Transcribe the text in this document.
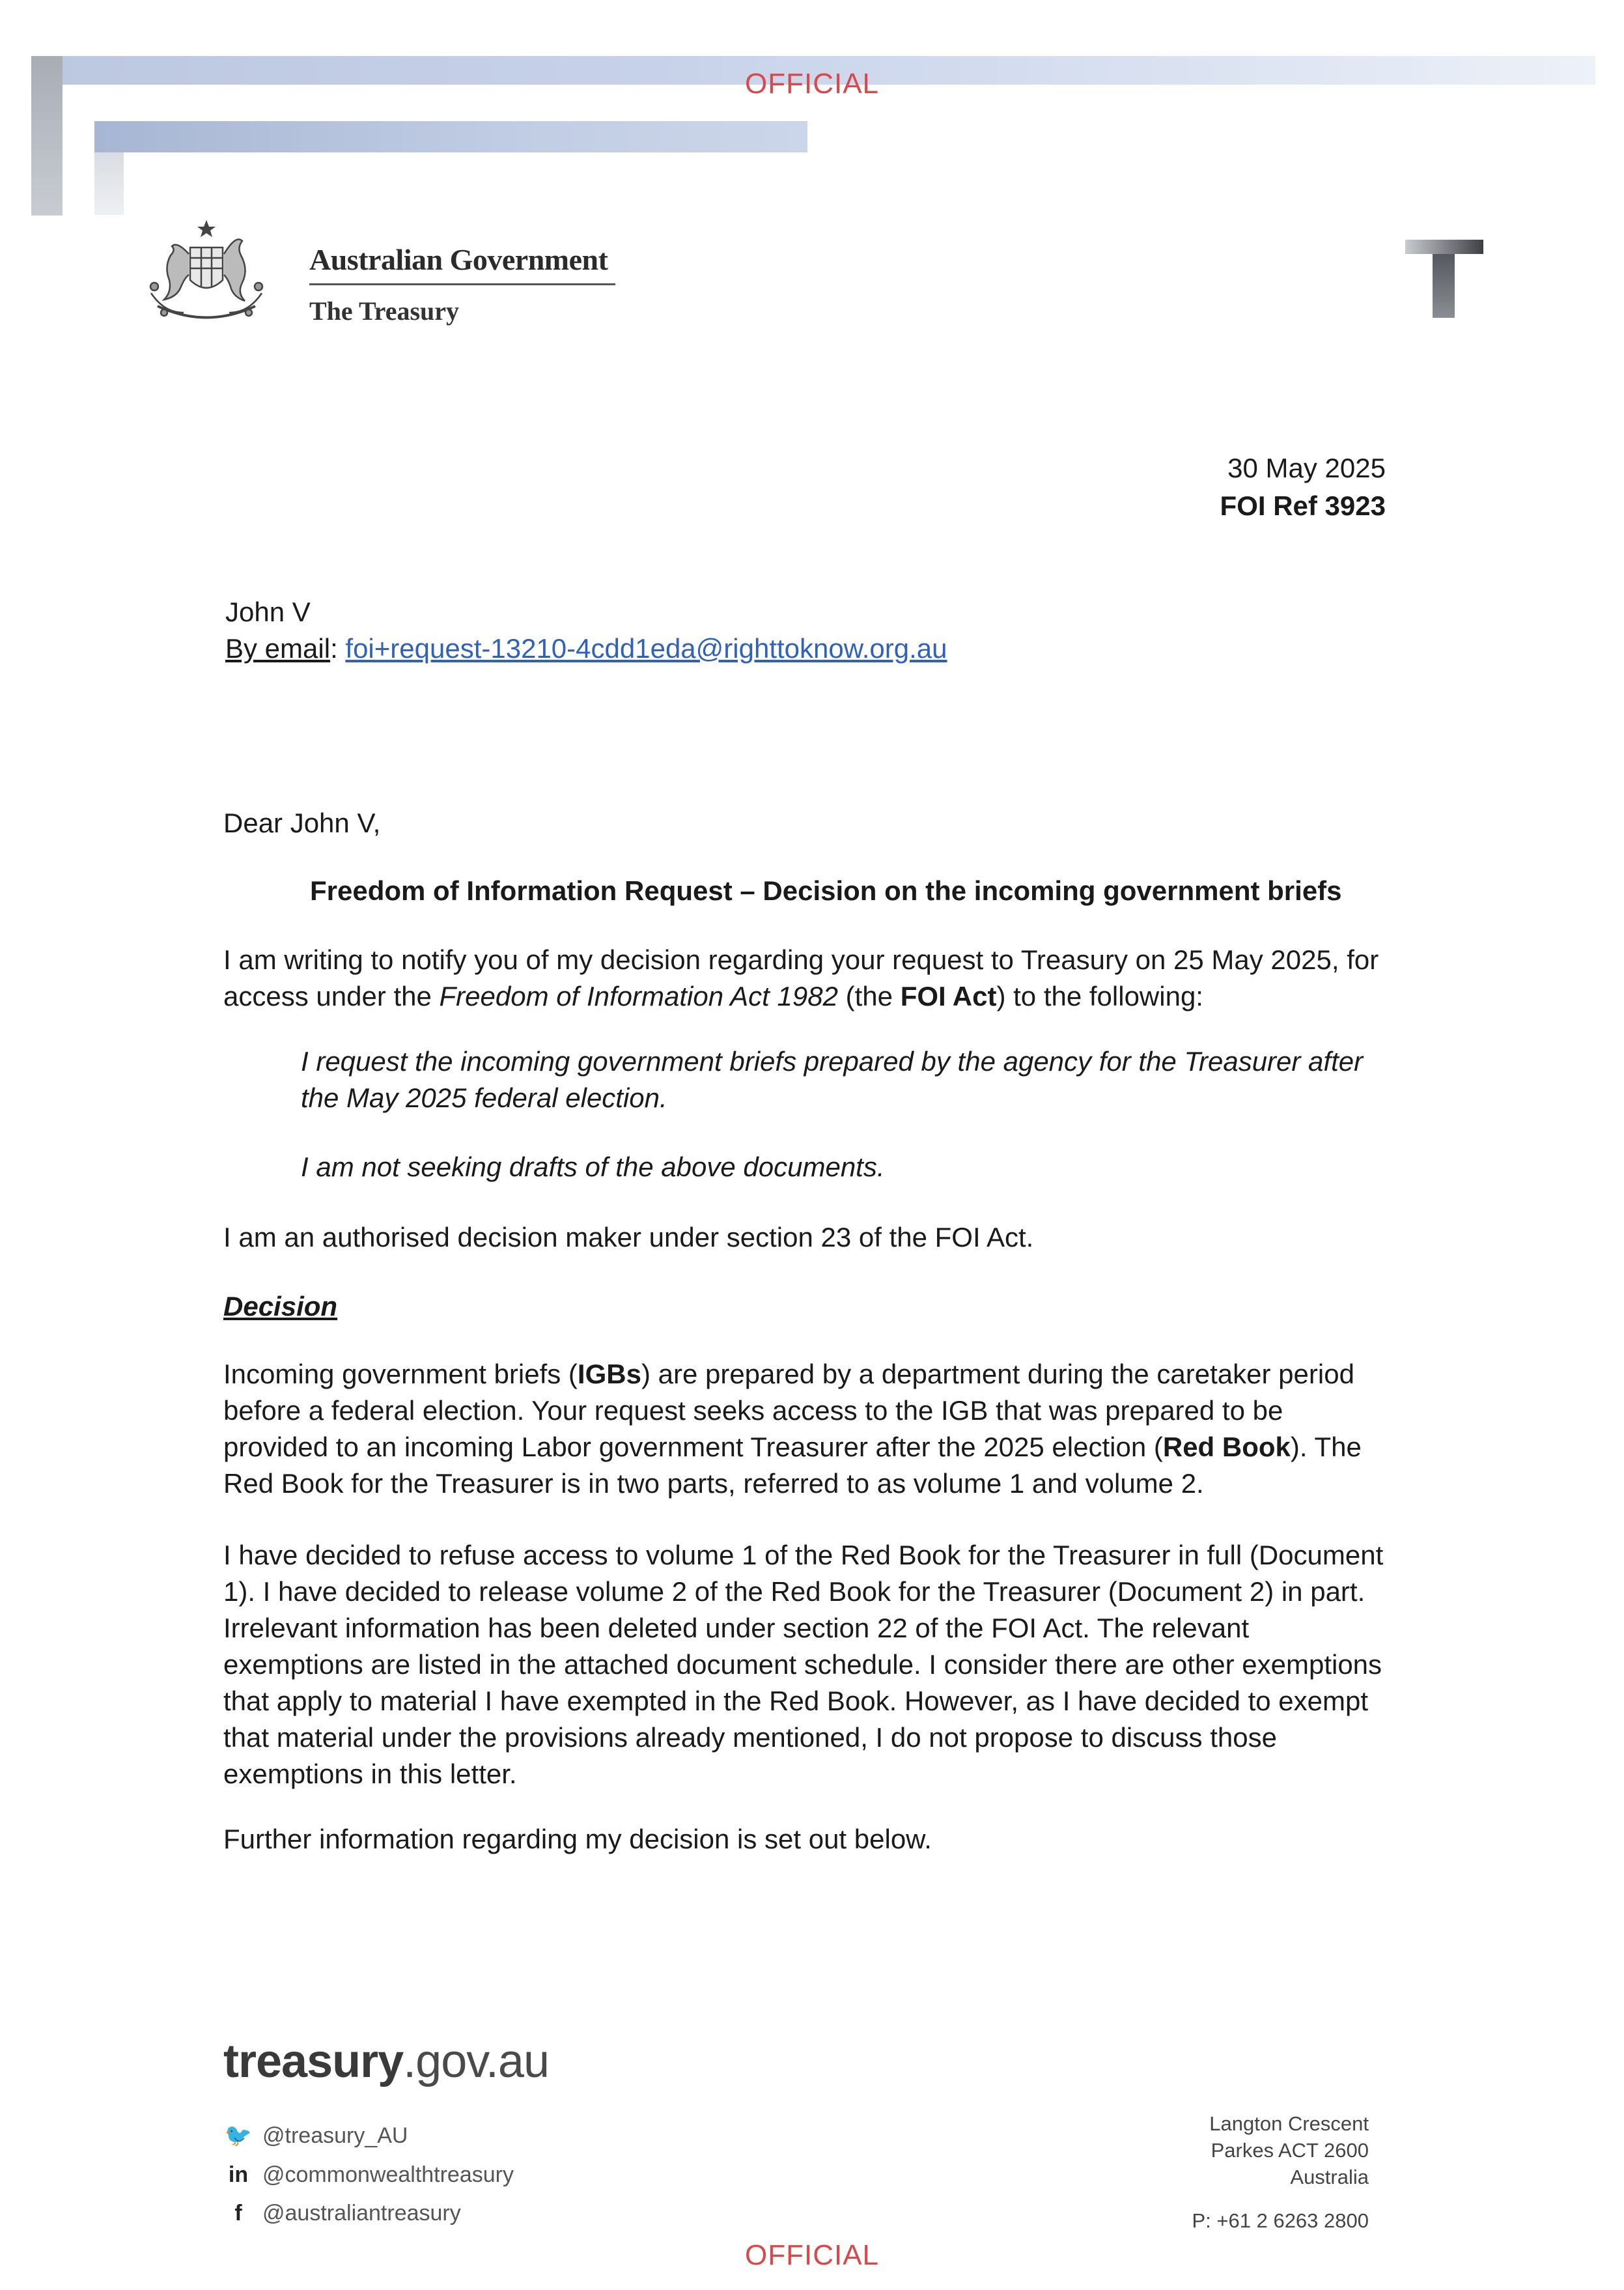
OFFICIAL
Australian Government
The Treasury
30 May 2025
FOI Ref 3923
John V
By email: foi+request-13210-4cdd1eda@righttoknow.org.au
Dear John V,
Freedom of Information Request – Decision on the incoming government briefs
I am writing to notify you of my decision regarding your request to Treasury on 25 May 2025, for access under the Freedom of Information Act 1982 (the FOI Act) to the following:
I request the incoming government briefs prepared by the agency for the Treasurer after the May 2025 federal election.
I am not seeking drafts of the above documents.
I am an authorised decision maker under section 23 of the FOI Act.
Decision
Incoming government briefs (IGBs) are prepared by a department during the caretaker period before a federal election. Your request seeks access to the IGB that was prepared to be provided to an incoming Labor government Treasurer after the 2025 election (Red Book). The Red Book for the Treasurer is in two parts, referred to as volume 1 and volume 2.
I have decided to refuse access to volume 1 of the Red Book for the Treasurer in full (Document 1). I have decided to release volume 2 of the Red Book for the Treasurer (Document 2) in part. Irrelevant information has been deleted under section 22 of the FOI Act. The relevant exemptions are listed in the attached document schedule. I consider there are other exemptions that apply to material I have exempted in the Red Book. However, as I have decided to exempt that material under the provisions already mentioned, I do not propose to discuss those exemptions in this letter.
Further information regarding my decision is set out below.
treasury.gov.au
🐦 @treasury_AU
in @commonwealthtreasury
f @australiantreasury
Langton Crescent
Parkes ACT 2600
Australia
P: +61 2 6263 2800
OFFICIAL
